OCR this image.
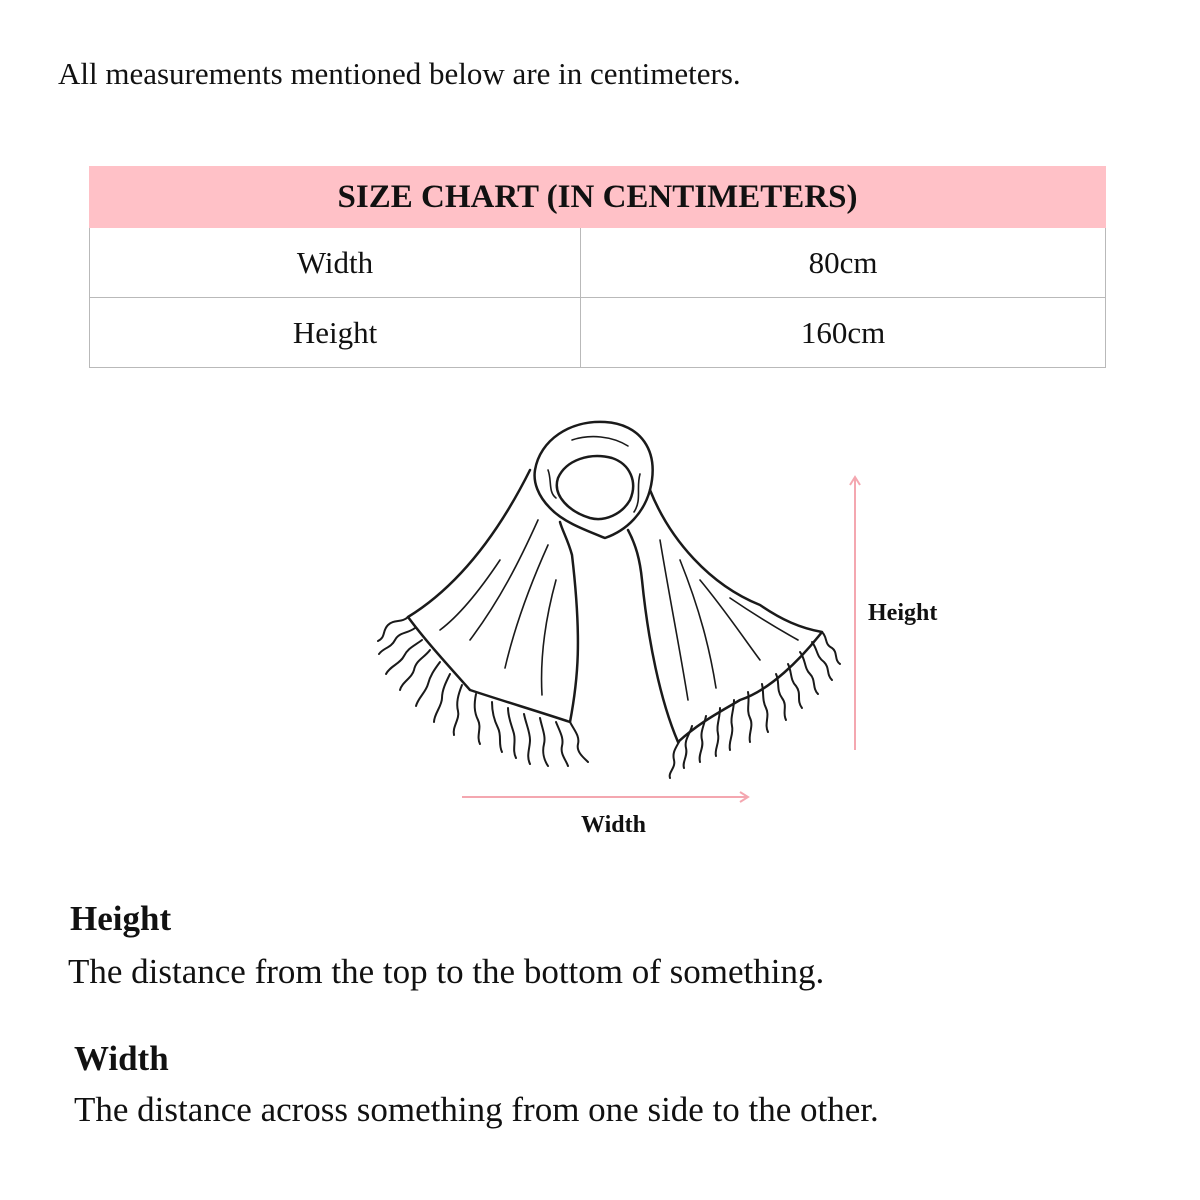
All measurements mentioned below are in centimeters.

SIZE CHART (IN CENTIMETERS)	
Width	80cm
Height	160cm
Height
Width
Height

The distance from the top to the bottom of something.

Width

The distance across something from one side to the other.
